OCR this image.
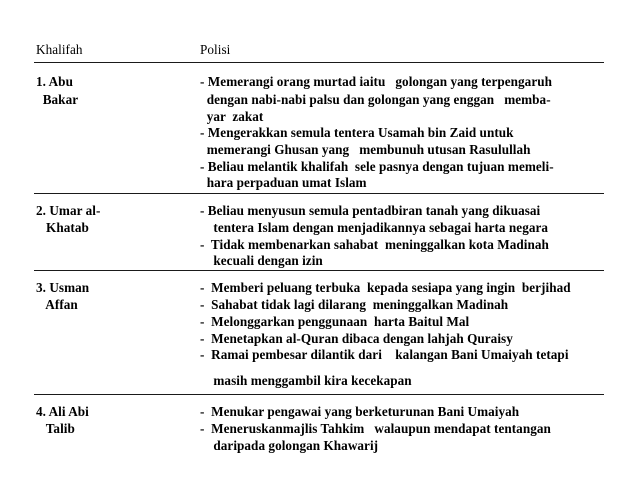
Khalifah	Polisi
1. Abu
Bakar
- Memerangi orang murtad iaitu   golongan yang terpengaruh
dengan nabi-nabi palsu dan golongan yang enggan   memba-
yar  zakat
- Mengerakkan semula tentera Usamah bin Zaid untuk
memerangi Ghusan yang   membunuh utusan Rasulullah
- Beliau melantik khalifah  sele pasnya dengan tujuan memeli-
hara perpaduan umat Islam
2. Umar al-
Khatab
- Beliau menyusun semula pentadbiran tanah yang dikuasai
tentera Islam dengan menjadikannya sebagai harta negara
-  Tidak membenarkan sahabat  meninggalkan kota Madinah
kecuali dengan izin
3. Usman
Affan
-  Memberi peluang terbuka  kepada sesiapa yang ingin  berjihad
-  Sahabat tidak lagi dilarang  meninggalkan Madinah
-  Melonggarkan penggunaan  harta Baitul Mal
-  Menetapkan al-Quran dibaca dengan lahjah Quraisy
-  Ramai pembesar dilantik dari    kalangan Bani Umaiyah tetapi
masih menggambil kira kecekapan
4. Ali Abi
Talib
-  Menukar pengawai yang berketurunan Bani Umaiyah
-  Meneruskanmajlis Tahkim   walaupun mendapat tentangan
daripada golongan Khawarij
